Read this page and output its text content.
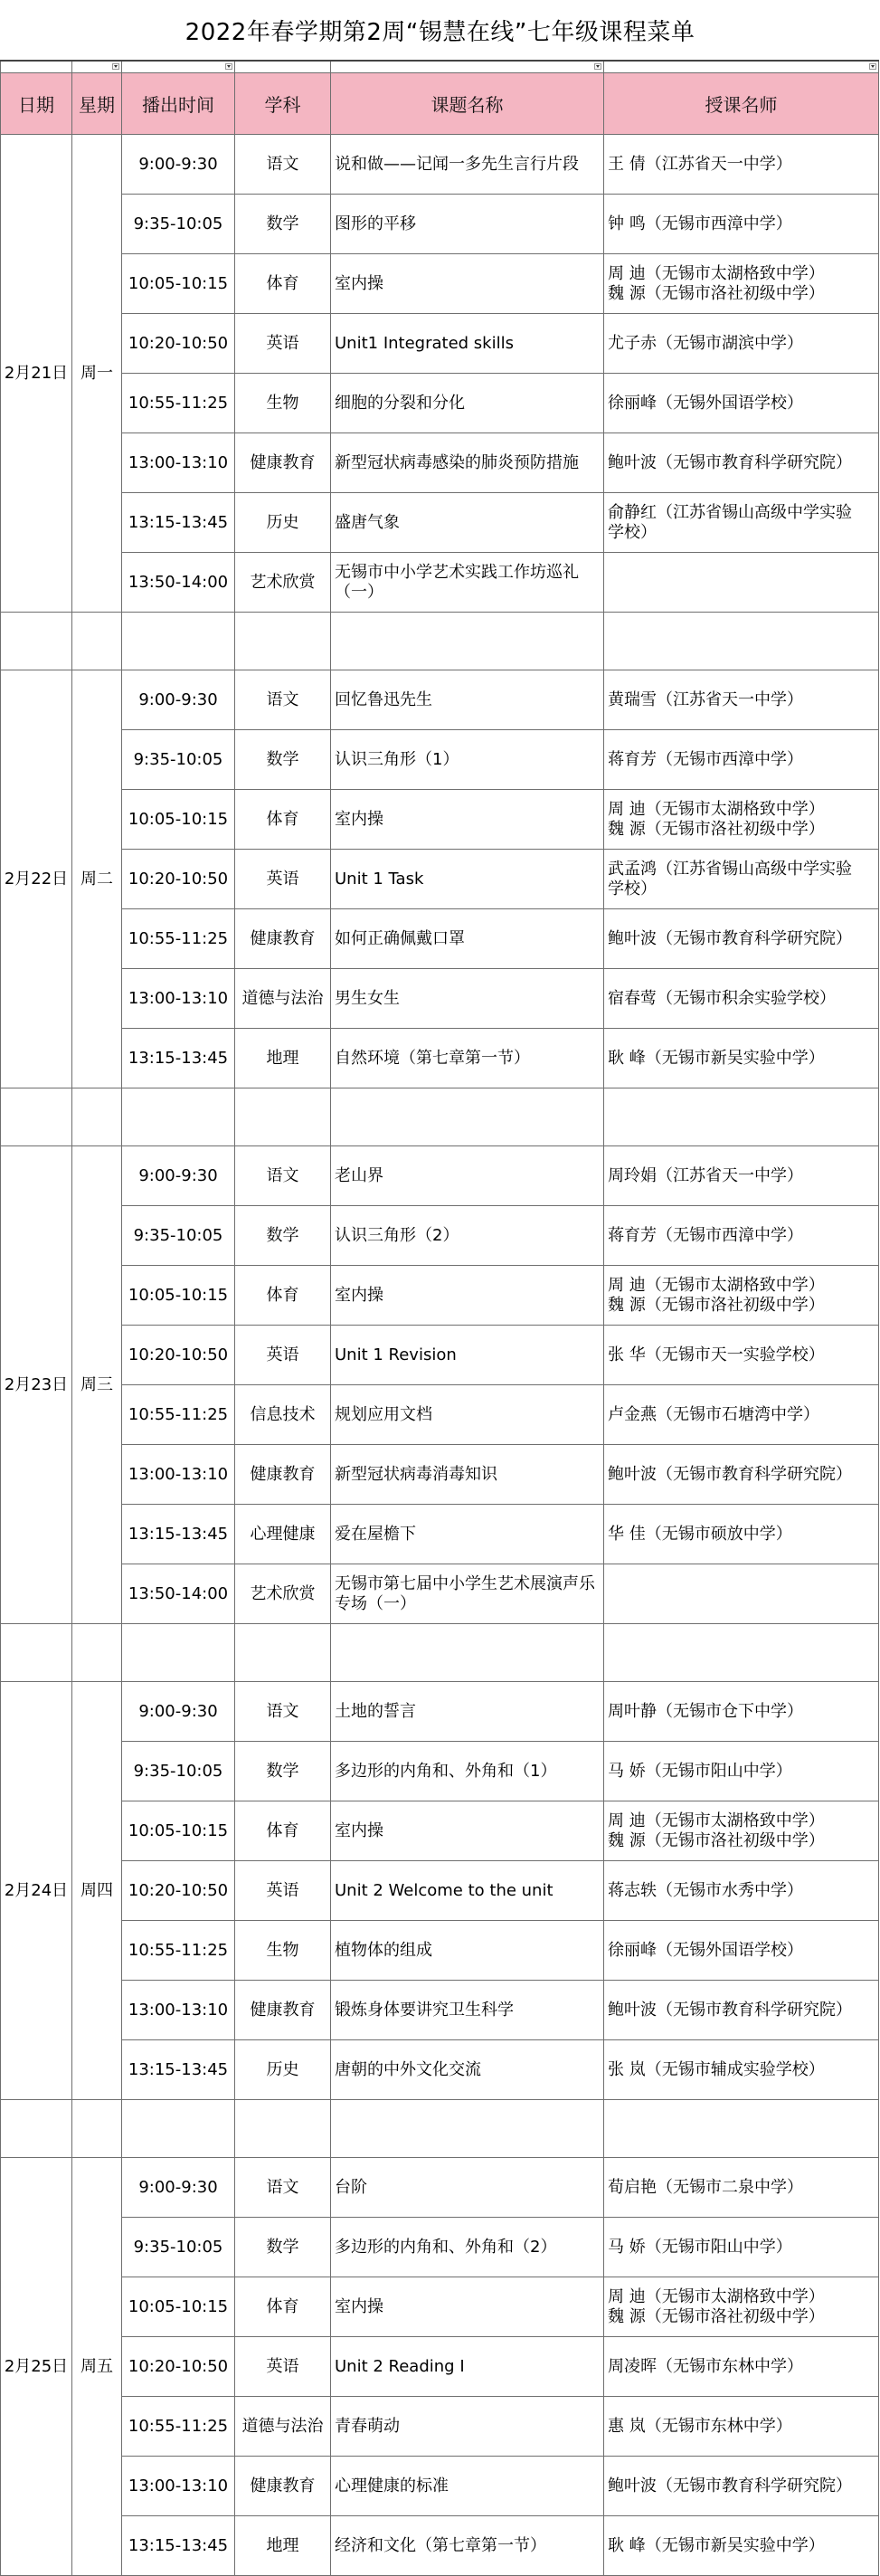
2022年春学期第2周“锡慧在线”七年级课程菜单

日期	星期	播出时间	学科	课题名称	授课名师
2月21日	周一	9:00-9:30	语文	说和做——记闻一多先生言行片段	王 倩（江苏省天一中学）

		9:35-10:05	数学	图形的平移	钟 鸣（无锡市西漳中学）

		10:05-10:15	体育	室内操	周 迪（无锡市太湖格致中学）
魏 源（无锡市洛社初级中学）

		10:20-10:50	英语	Unit1 Integrated skills	尤子赤（无锡市湖滨中学）

		10:55-11:25	生物	细胞的分裂和分化	徐丽峰（无锡外国语学校）

		13:00-13:10	健康教育	新型冠状病毒感染的肺炎预防措施	鲍叶波（无锡市教育科学研究院）

		13:15-13:45	历史	盛唐气象	俞静红（江苏省锡山高级中学实验
学校）

		13:50-14:00	艺术欣赏	无锡市中小学艺术实践工作坊巡礼（一）	

2月22日	周二	9:00-9:30	语文	回忆鲁迅先生	黄瑞雪（江苏省天一中学）

		9:35-10:05	数学	认识三角形（1）	蒋育芳（无锡市西漳中学）

		10:05-10:15	体育	室内操	周 迪（无锡市太湖格致中学）
魏 源（无锡市洛社初级中学）

		10:20-10:50	英语	Unit 1 Task	武孟鸿（江苏省锡山高级中学实验
学校）

		10:55-11:25	健康教育	如何正确佩戴口罩	鲍叶波（无锡市教育科学研究院）

		13:00-13:10	道德与法治	男生女生	宿春莺（无锡市积余实验学校）

		13:15-13:45	地理	自然环境（第七章第一节）	耿 峰（无锡市新吴实验中学）

2月23日	周三	9:00-9:30	语文	老山界	周玲娟（江苏省天一中学）

		9:35-10:05	数学	认识三角形（2）	蒋育芳（无锡市西漳中学）

		10:05-10:15	体育	室内操	周 迪（无锡市太湖格致中学）
魏 源（无锡市洛社初级中学）

		10:20-10:50	英语	Unit 1 Revision	张 华（无锡市天一实验学校）

		10:55-11:25	信息技术	规划应用文档	卢金燕（无锡市石塘湾中学）

		13:00-13:10	健康教育	新型冠状病毒消毒知识	鲍叶波（无锡市教育科学研究院）

		13:15-13:45	心理健康	爱在屋檐下	华 佳（无锡市硕放中学）

		13:50-14:00	艺术欣赏	无锡市第七届中小学生艺术展演声乐专场（一）	

2月24日	周四	9:00-9:30	语文	土地的誓言	周叶静（无锡市仓下中学）

		9:35-10:05	数学	多边形的内角和、外角和（1）	马 娇（无锡市阳山中学）

		10:05-10:15	体育	室内操	周 迪（无锡市太湖格致中学）
魏 源（无锡市洛社初级中学）

		10:20-10:50	英语	Unit 2 Welcome to the unit	蒋志轶（无锡市水秀中学）

		10:55-11:25	生物	植物体的组成	徐丽峰（无锡外国语学校）

		13:00-13:10	健康教育	锻炼身体要讲究卫生科学	鲍叶波（无锡市教育科学研究院）

		13:15-13:45	历史	唐朝的中外文化交流	张 岚（无锡市辅成实验学校）

2月25日	周五	9:00-9:30	语文	台阶	荀启艳（无锡市二泉中学）

		9:35-10:05	数学	多边形的内角和、外角和（2）	马 娇（无锡市阳山中学）

		10:05-10:15	体育	室内操	周 迪（无锡市太湖格致中学）
魏 源（无锡市洛社初级中学）

		10:20-10:50	英语	Unit 2 Reading I	周凌晖（无锡市东林中学）

		10:55-11:25	道德与法治	青春萌动	惠 岚（无锡市东林中学）

		13:00-13:10	健康教育	心理健康的标准	鲍叶波（无锡市教育科学研究院）

		13:15-13:45	地理	经济和文化（第七章第一节）	耿 峰（无锡市新吴实验中学）
